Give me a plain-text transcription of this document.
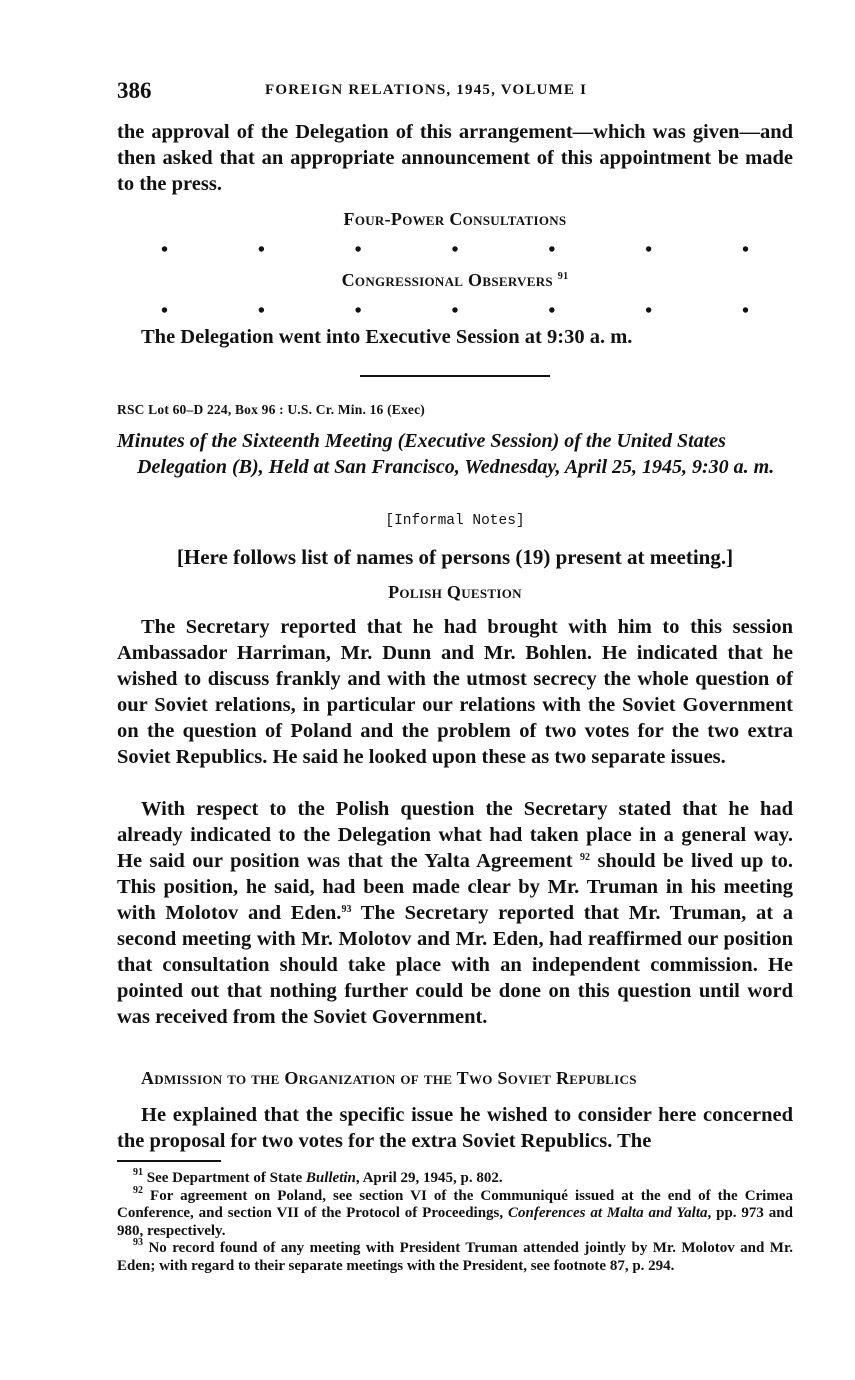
386	FOREIGN RELATIONS, 1945, VOLUME I

the approval of the Delegation of this arrangement—which was given—and then asked that an appropriate announcement of this appointment be made to the press.

Four-Power Consultations
•	•	•	•	•	•	•
Congressional Observers $^{91}$
•	•	•	•	•	•	•

The Delegation went into Executive Session at 9:30 a. m.

RSC Lot 60–D 224, Box 96 : U.S. Cr. Min. 16 (Exec)

Minutes of the Sixteenth Meeting (Executive Session) of the United States Delegation (B), Held at San Francisco, Wednesday, April 25, 1945, 9:30 a. m.

[Informal Notes]
[Here follows list of names of persons (19) present at meeting.]
Polish Question

The Secretary reported that he had brought with him to this session Ambassador Harriman, Mr. Dunn and Mr. Bohlen. He indicated that he wished to discuss frankly and with the utmost secrecy the whole question of our Soviet relations, in particular our relations with the Soviet Government on the question of Poland and the problem of two votes for the two extra Soviet Republics. He said he looked upon these as two separate issues.

With respect to the Polish question the Secretary stated that he had already indicated to the Delegation what had taken place in a general way. He said our position was that the Yalta Agreement $^{92}$ should be lived up to. This position, he said, had been made clear by Mr. Truman in his meeting with Molotov and Eden.$^{93}$ The Secretary reported that Mr. Truman, at a second meeting with Mr. Molotov and Mr. Eden, had reaffirmed our position that consultation should take place with an independent commission. He pointed out that nothing further could be done on this question until word was received from the Soviet Government.

Admission to the Organization of the Two Soviet Republics

He explained that the specific issue he wished to consider here concerned the proposal for two votes for the extra Soviet Republics. The

$^{91}$ See Department of State Bulletin, April 29, 1945, p. 802.

$^{92}$ For agreement on Poland, see section VI of the Communiqué issued at the end of the Crimea Conference, and section VII of the Protocol of Proceedings, Conferences at Malta and Yalta, pp. 973 and 980, respectively.

$^{93}$ No record found of any meeting with President Truman attended jointly by Mr. Molotov and Mr. Eden; with regard to their separate meetings with the President, see footnote 87, p. 294.
